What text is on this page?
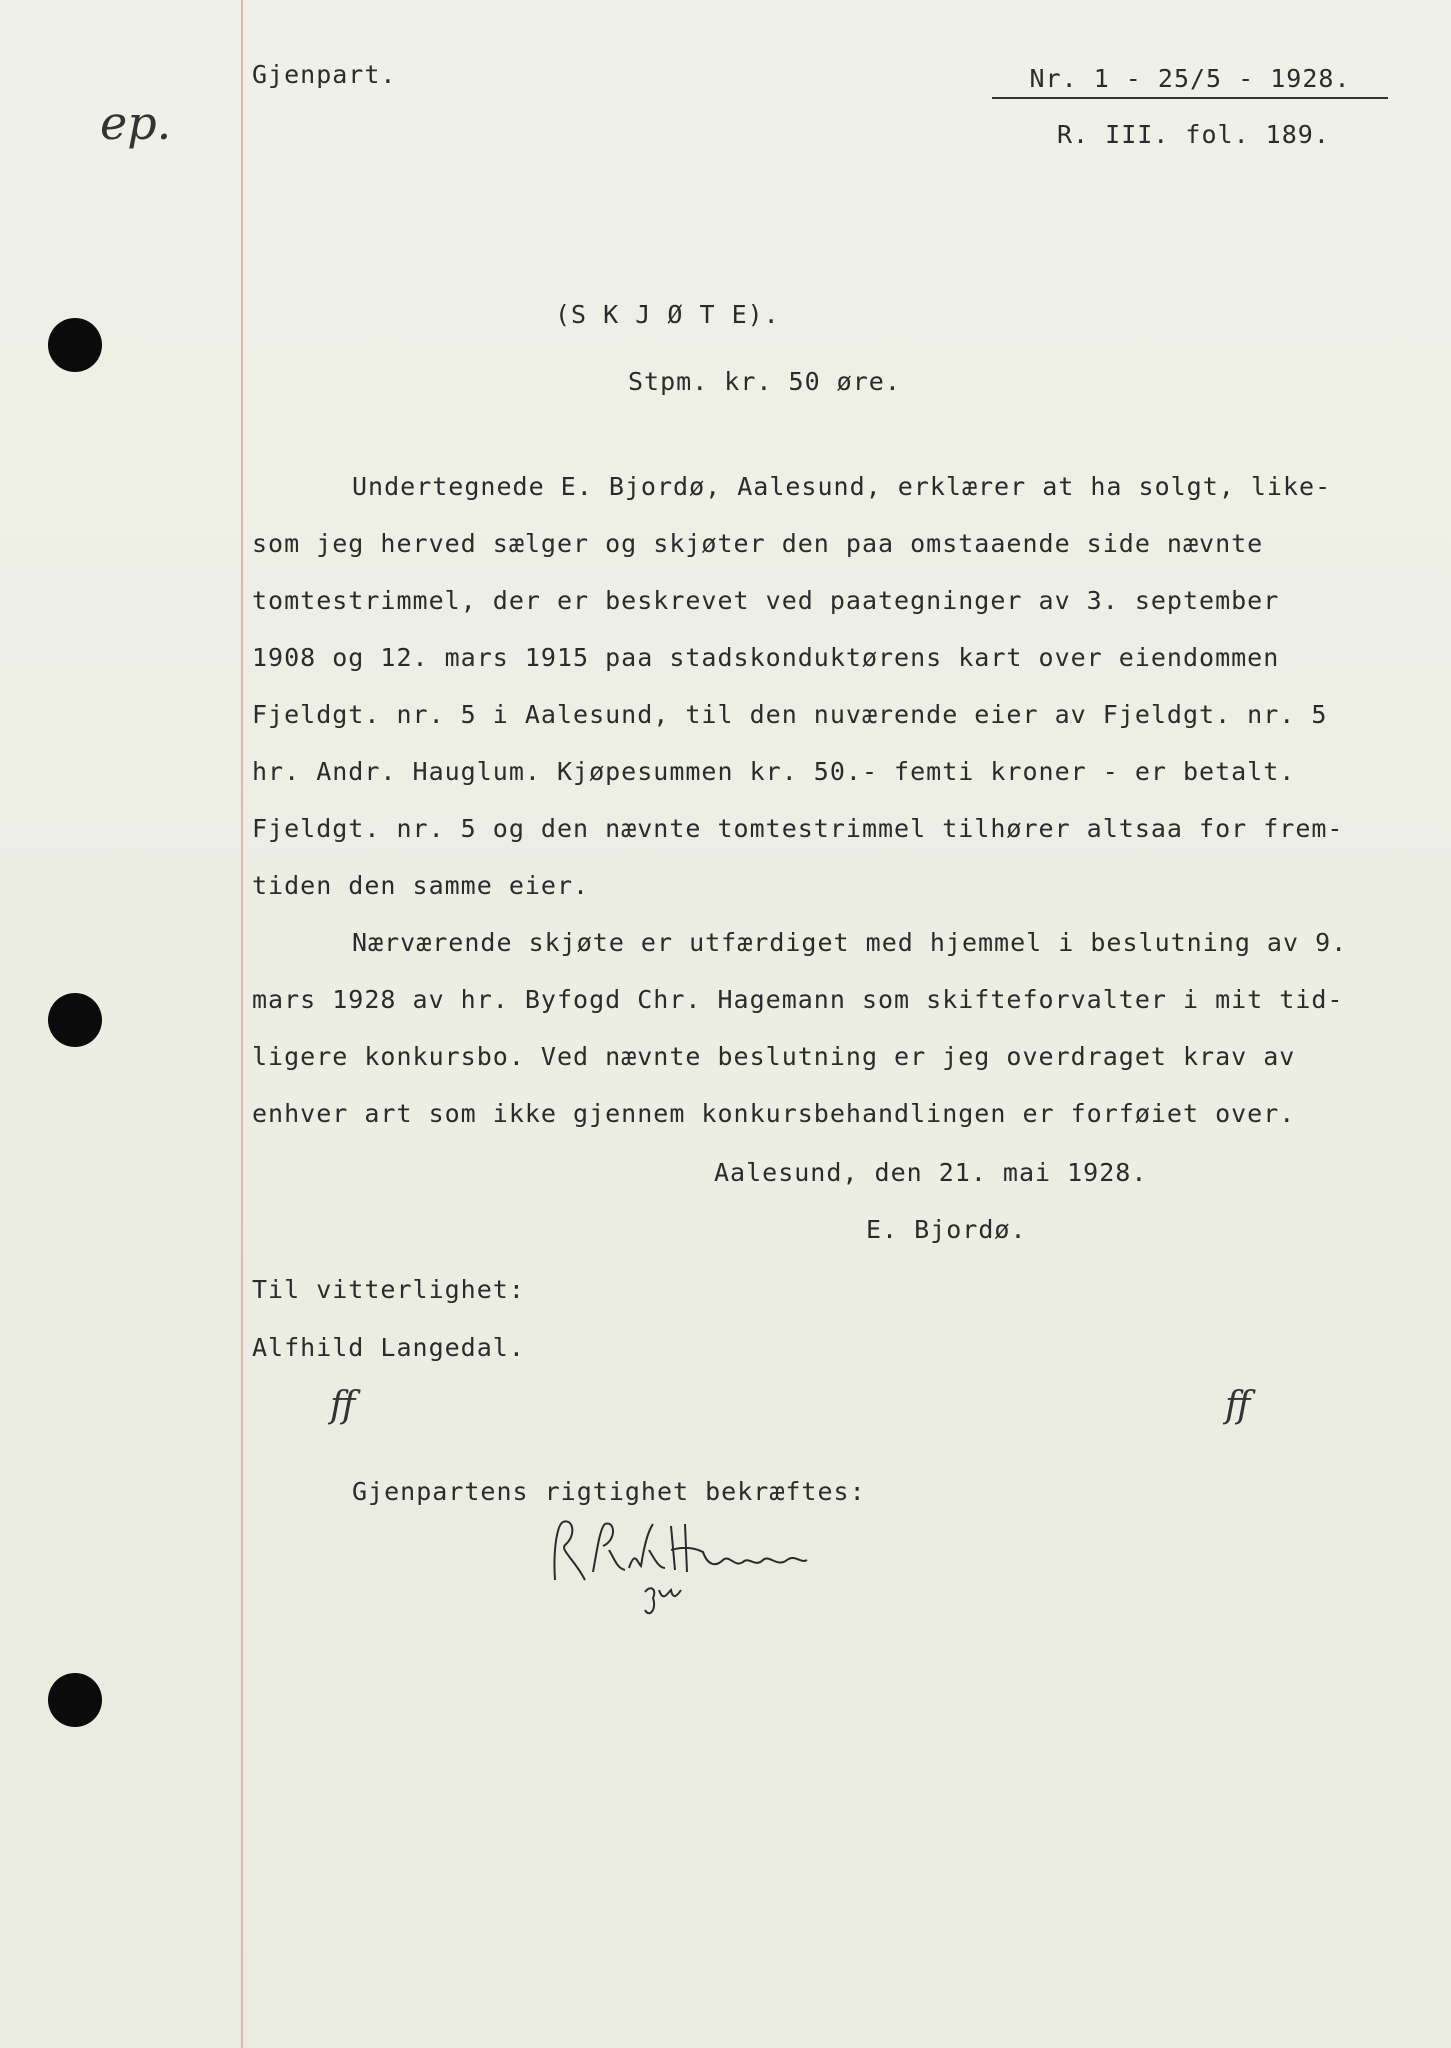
ep.
Gjenpart.	Nr. 1 - 25/5 - 1928.
R. III. fol. 189.
(S K J Ø T E).
Stpm. kr. 50 øre.
Undertegnede E. Bjordø, Aalesund, erklærer at ha solgt, like-
som jeg herved sælger og skjøter den paa omstaaende side nævnte
tomtestrimmel, der er beskrevet ved paategninger av 3. september
1908 og 12. mars 1915 paa stadskonduktørens kart over eiendommen
Fjeldgt. nr. 5 i Aalesund, til den nuværende eier av Fjeldgt. nr. 5
hr. Andr. Hauglum. Kjøpesummen kr. 50.- femti kroner - er betalt.
Fjeldgt. nr. 5 og den nævnte tomtestrimmel tilhører altsaa for frem-
tiden den samme eier.
Nærværende skjøte er utfærdiget med hjemmel i beslutning av 9.
mars 1928 av hr. Byfogd Chr. Hagemann som skifteforvalter i mit tid-
ligere konkursbo. Ved nævnte beslutning er jeg overdraget krav av
enhver art som ikke gjennem konkursbehandlingen er forføiet over.
Aalesund, den 21. mai 1928.
E. Bjordø.
Til vitterlighet:
Alfhild Langedal.
ff	ff
Gjenpartens rigtighet bekræftes:
